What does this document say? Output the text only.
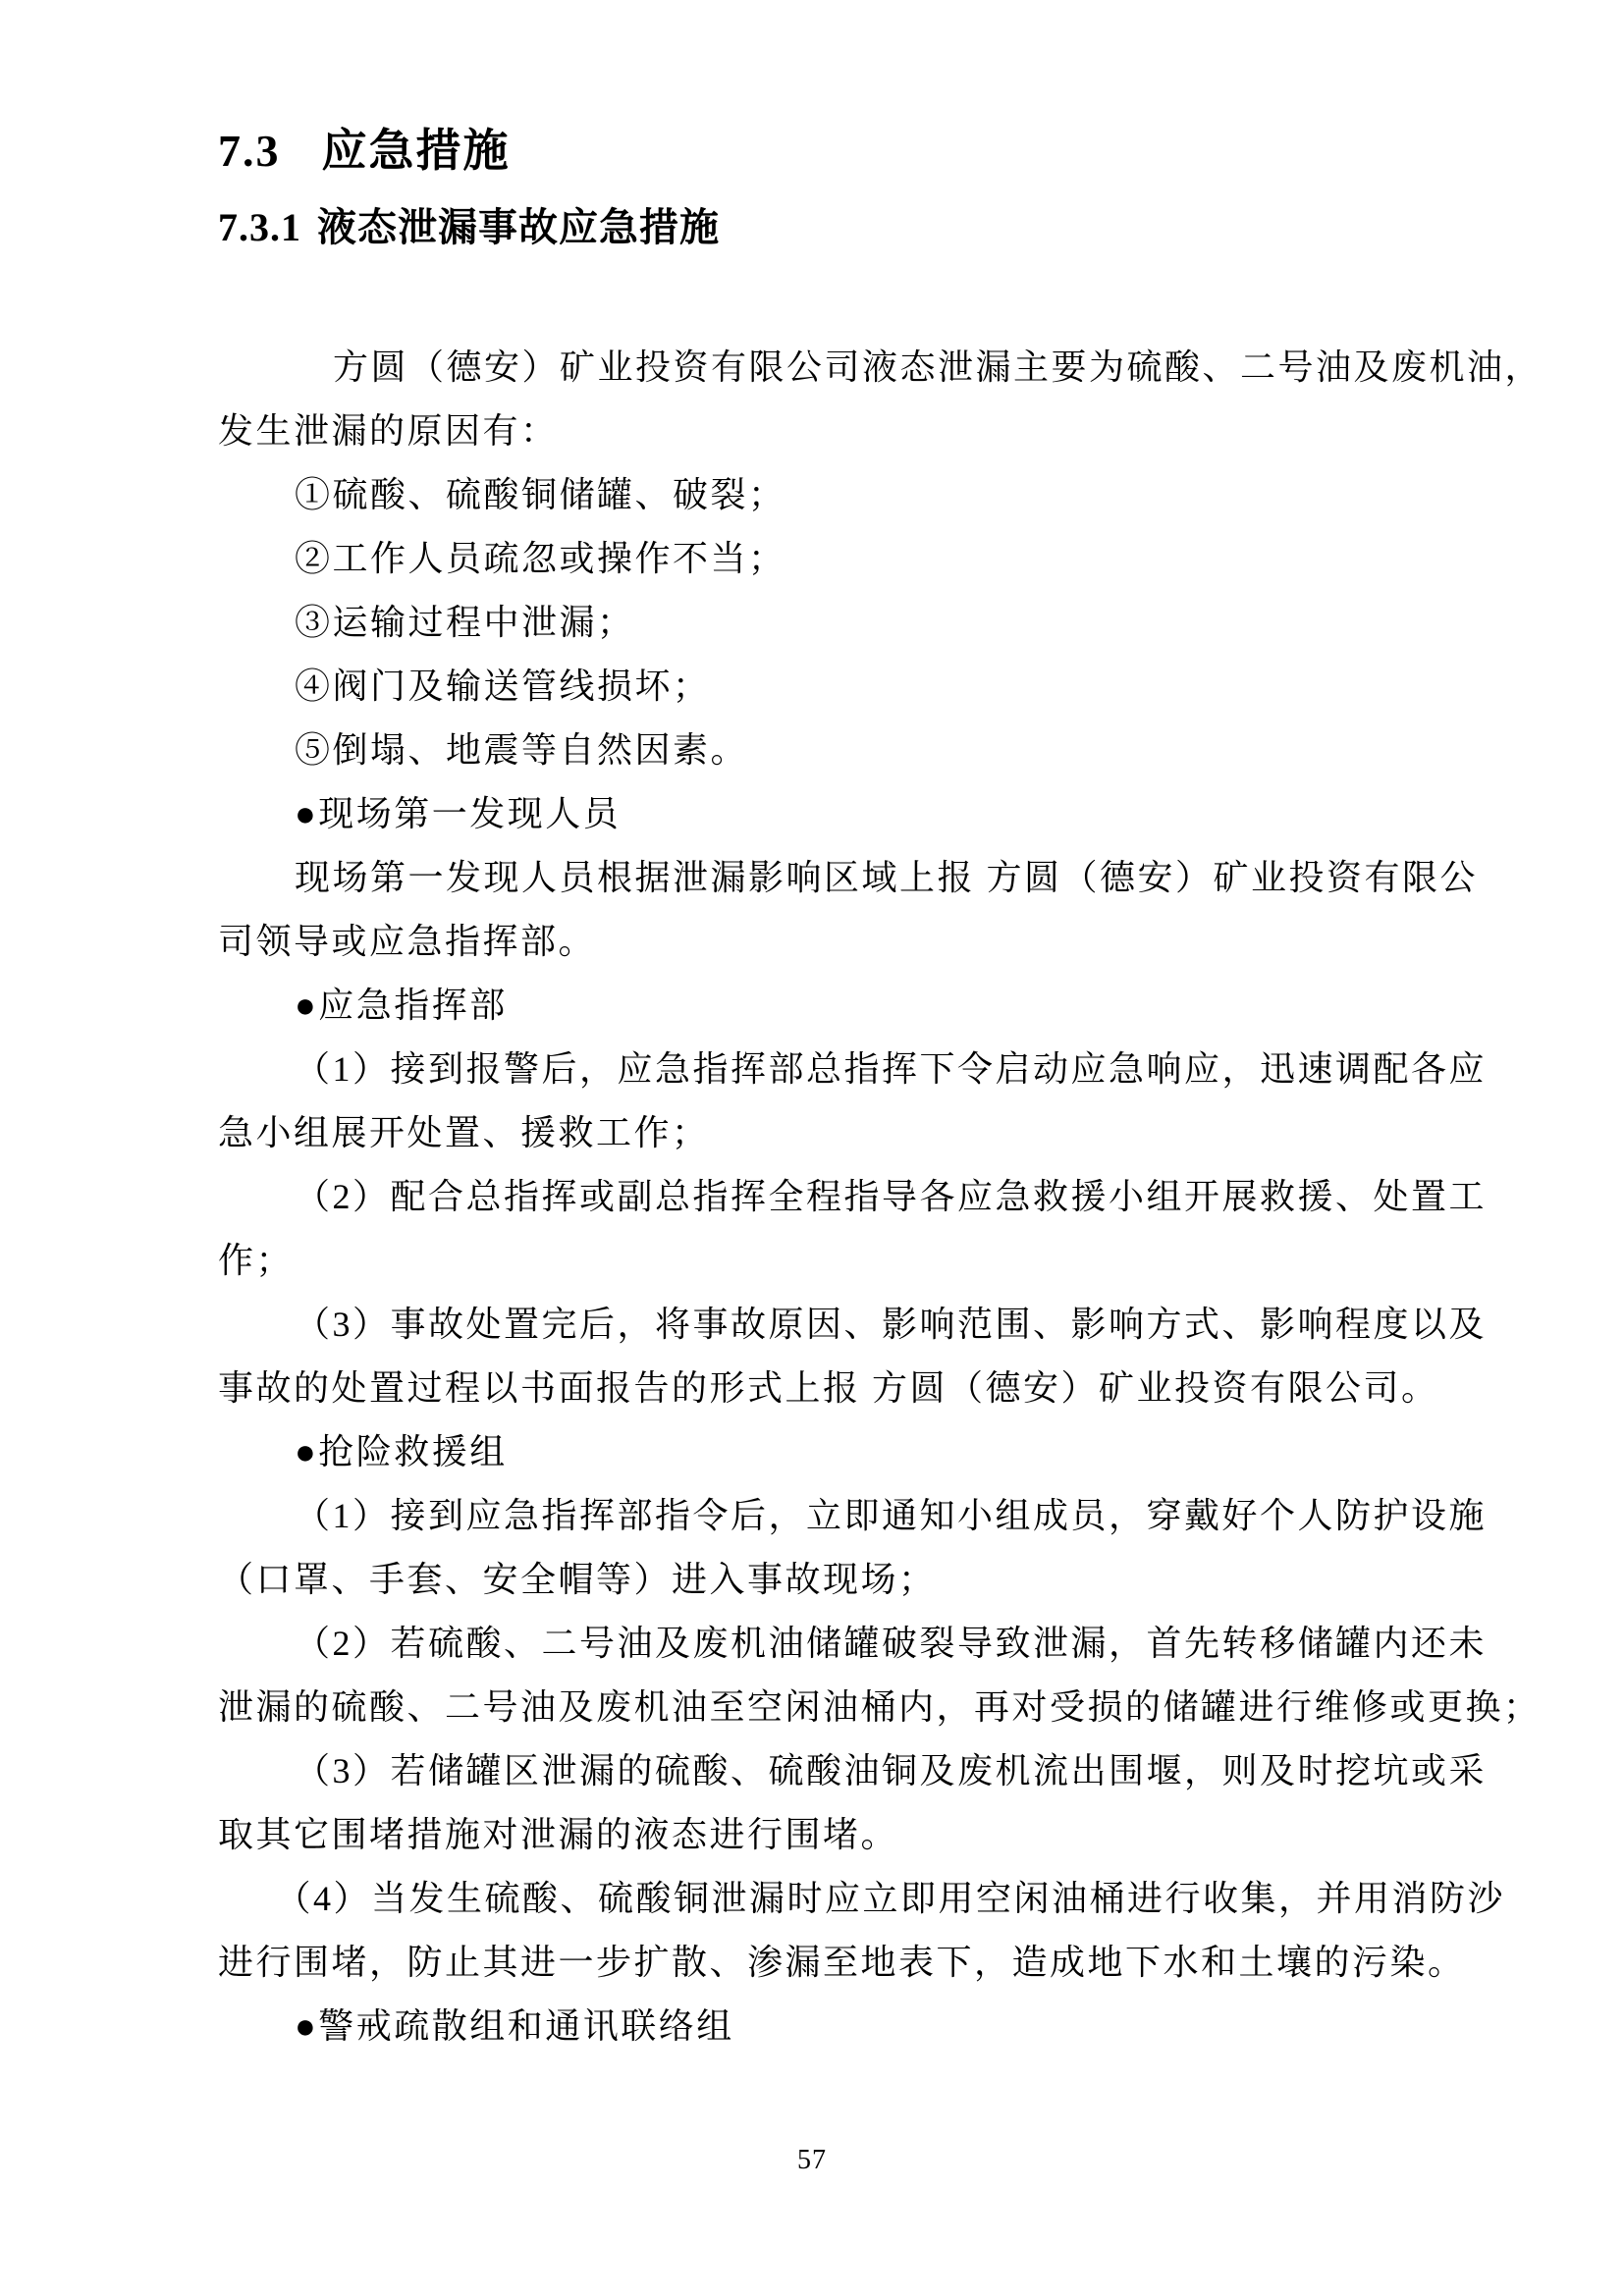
7.3 应急措施
7.3.1 液态泄漏事故应急措施
方圆（德安）矿业投资有限公司液态泄漏主要为硫酸、二号油及废机油，
发生泄漏的原因有：
①硫酸、硫酸铜储罐、破裂；
②工作人员疏忽或操作不当；
③运输过程中泄漏；
④阀门及输送管线损坏；
⑤倒塌、地震等自然因素。
●现场第一发现人员
现场第一发现人员根据泄漏影响区域上报 方圆（德安）矿业投资有限公
司领导或应急指挥部。
●应急指挥部
（1）接到报警后，应急指挥部总指挥下令启动应急响应，迅速调配各应
急小组展开处置、援救工作；
（2）配合总指挥或副总指挥全程指导各应急救援小组开展救援、处置工
作；
（3）事故处置完后，将事故原因、影响范围、影响方式、影响程度以及
事故的处置过程以书面报告的形式上报 方圆（德安）矿业投资有限公司。
●抢险救援组
（1）接到应急指挥部指令后，立即通知小组成员，穿戴好个人防护设施
（口罩、手套、安全帽等）进入事故现场；
（2）若硫酸、二号油及废机油储罐破裂导致泄漏，首先转移储罐内还未
泄漏的硫酸、二号油及废机油至空闲油桶内，再对受损的储罐进行维修或更换；
（3）若储罐区泄漏的硫酸、硫酸油铜及废机流出围堰，则及时挖坑或采
取其它围堵措施对泄漏的液态进行围堵。
（4）当发生硫酸、硫酸铜泄漏时应立即用空闲油桶进行收集，并用消防沙
进行围堵，防止其进一步扩散、渗漏至地表下，造成地下水和土壤的污染。
●警戒疏散组和通讯联络组
57
